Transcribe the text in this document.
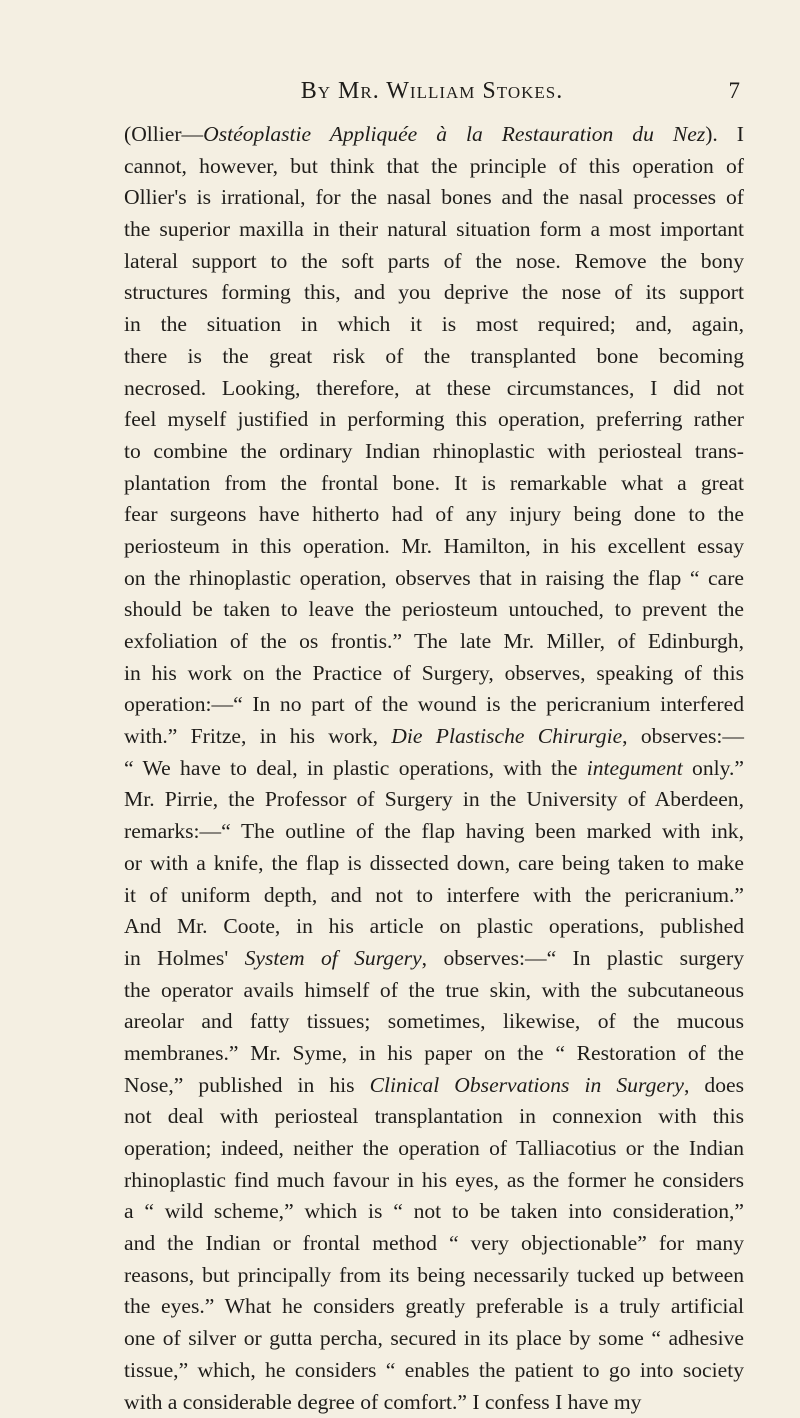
By Mr. William Stokes.	7
(Ollier—Ostéoplastie Appliquée à la Restauration du Nez). I
cannot, however, but think that the principle of this operation of
Ollier's is irrational, for the nasal bones and the nasal processes of
the superior maxilla in their natural situation form a most important
lateral support to the soft parts of the nose. Remove the bony
structures forming this, and you deprive the nose of its support
in the situation in which it is most required; and, again,
there is the great risk of the transplanted bone becoming
necrosed. Looking, therefore, at these circumstances, I did not
feel myself justified in performing this operation, preferring rather
to combine the ordinary Indian rhinoplastic with periosteal trans-
plantation from the frontal bone. It is remarkable what a great
fear surgeons have hitherto had of any injury being done to the
periosteum in this operation. Mr. Hamilton, in his excellent essay
on the rhinoplastic operation, observes that in raising the flap “ care
should be taken to leave the periosteum untouched, to prevent the
exfoliation of the os frontis.” The late Mr. Miller, of Edinburgh,
in his work on the Practice of Surgery, observes, speaking of this
operation:—“ In no part of the wound is the pericranium interfered
with.” Fritze, in his work, Die Plastische Chirurgie, observes:—
“ We have to deal, in plastic operations, with the integument only.”
Mr. Pirrie, the Professor of Surgery in the University of Aberdeen,
remarks:—“ The outline of the flap having been marked with ink,
or with a knife, the flap is dissected down, care being taken to make
it of uniform depth, and not to interfere with the pericranium.”
And Mr. Coote, in his article on plastic operations, published
in Holmes' System of Surgery, observes:—“ In plastic surgery
the operator avails himself of the true skin, with the subcutaneous
areolar and fatty tissues; sometimes, likewise, of the mucous
membranes.” Mr. Syme, in his paper on the “ Restoration of the
Nose,” published in his Clinical Observations in Surgery, does
not deal with periosteal transplantation in connexion with this
operation; indeed, neither the operation of Talliacotius or the Indian
rhinoplastic find much favour in his eyes, as the former he considers
a “ wild scheme,” which is “ not to be taken into consideration,”
and the Indian or frontal method “ very objectionable” for many
reasons, but principally from its being necessarily tucked up between
the eyes.” What he considers greatly preferable is a truly artificial
one of silver or gutta percha, secured in its place by some “ adhesive
tissue,” which, he considers “ enables the patient to go into society
with a considerable degree of comfort.” I confess I have my
